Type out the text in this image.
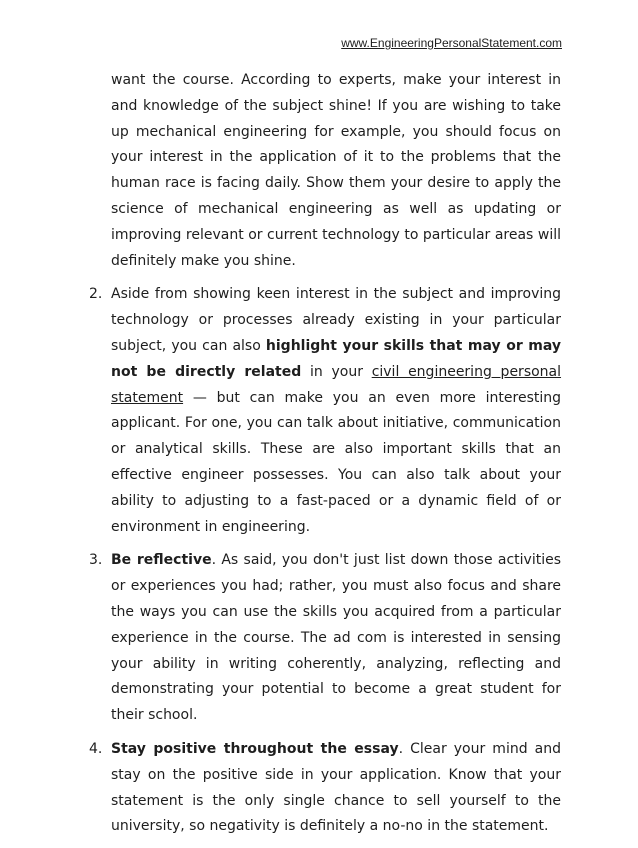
www.EngineeringPersonalStatement.com

want the course. According to experts, make your interest in and knowledge of the subject shine! If you are wishing to take up mechanical engineering for example, you should focus on your interest in the application of it to the problems that the human race is facing daily. Show them your desire to apply the science of mechanical engineering as well as updating or improving relevant or current technology to particular areas will definitely make you shine.

2. Aside from showing keen interest in the subject and improving technology or processes already existing in your particular subject, you can also highlight your skills that may or may not be directly related in your civil engineering personal statement — but can make you an even more interesting applicant. For one, you can talk about initiative, communication or analytical skills. These are also important skills that an effective engineer possesses. You can also talk about your ability to adjusting to a fast-paced or a dynamic field of or environment in engineering.

3. Be reflective. As said, you don't just list down those activities or experiences you had; rather, you must also focus and share the ways you can use the skills you acquired from a particular experience in the course. The ad com is interested in sensing your ability in writing coherently, analyzing, reflecting and demonstrating your potential to become a great student for their school.

4. Stay positive throughout the essay. Clear your mind and stay on the positive side in your application. Know that your statement is the only single chance to sell yourself to the university, so negativity is definitely a no-no in the statement.
